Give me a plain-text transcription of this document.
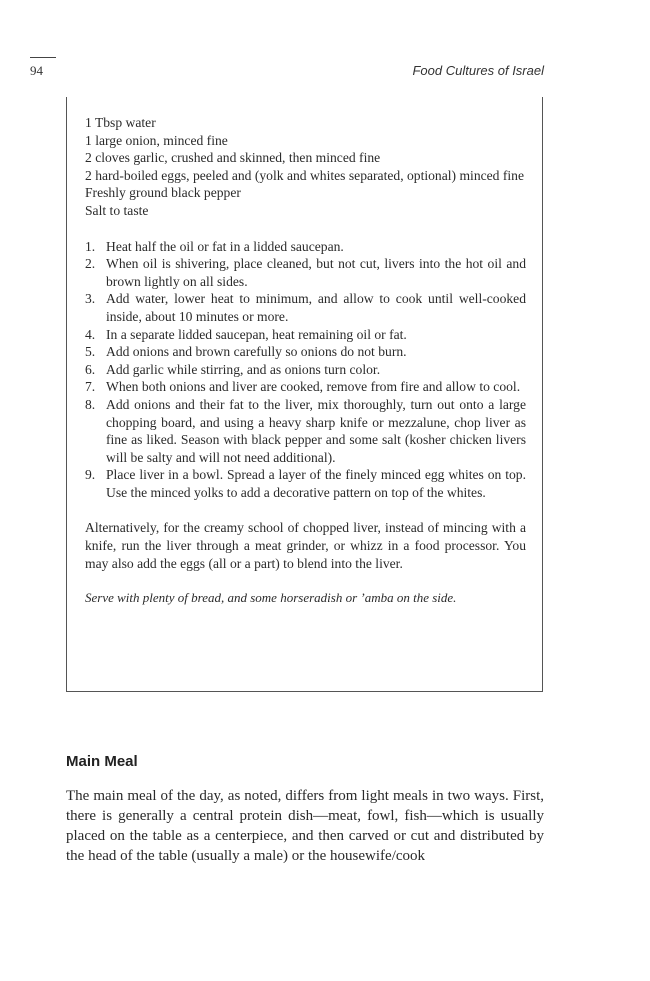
94	Food Cultures of Israel
1 Tbsp water
1 large onion, minced fine
2 cloves garlic, crushed and skinned, then minced fine
2 hard-boiled eggs, peeled and (yolk and whites separated, optional) minced fine
Freshly ground black pepper
Salt to taste
1. Heat half the oil or fat in a lidded saucepan.
2. When oil is shivering, place cleaned, but not cut, livers into the hot oil and brown lightly on all sides.
3. Add water, lower heat to minimum, and allow to cook until well-cooked inside, about 10 minutes or more.
4. In a separate lidded saucepan, heat remaining oil or fat.
5. Add onions and brown carefully so onions do not burn.
6. Add garlic while stirring, and as onions turn color.
7. When both onions and liver are cooked, remove from fire and allow to cool.
8. Add onions and their fat to the liver, mix thoroughly, turn out onto a large chopping board, and using a heavy sharp knife or mezzalune, chop liver as fine as liked. Season with black pepper and some salt (kosher chicken livers will be salty and will not need additional).
9. Place liver in a bowl. Spread a layer of the finely minced egg whites on top. Use the minced yolks to add a decorative pattern on top of the whites.

Alternatively, for the creamy school of chopped liver, instead of mincing with a knife, run the liver through a meat grinder, or whizz in a food processor. You may also add the eggs (all or a part) to blend into the liver.

Serve with plenty of bread, and some horseradish or ’amba on the side.

Main Meal

The main meal of the day, as noted, differs from light meals in two ways. First, there is generally a central protein dish—meat, fowl, fish—which is usually placed on the table as a centerpiece, and then carved or cut and distributed by the head of the table (usually a male) or the housewife/cook
